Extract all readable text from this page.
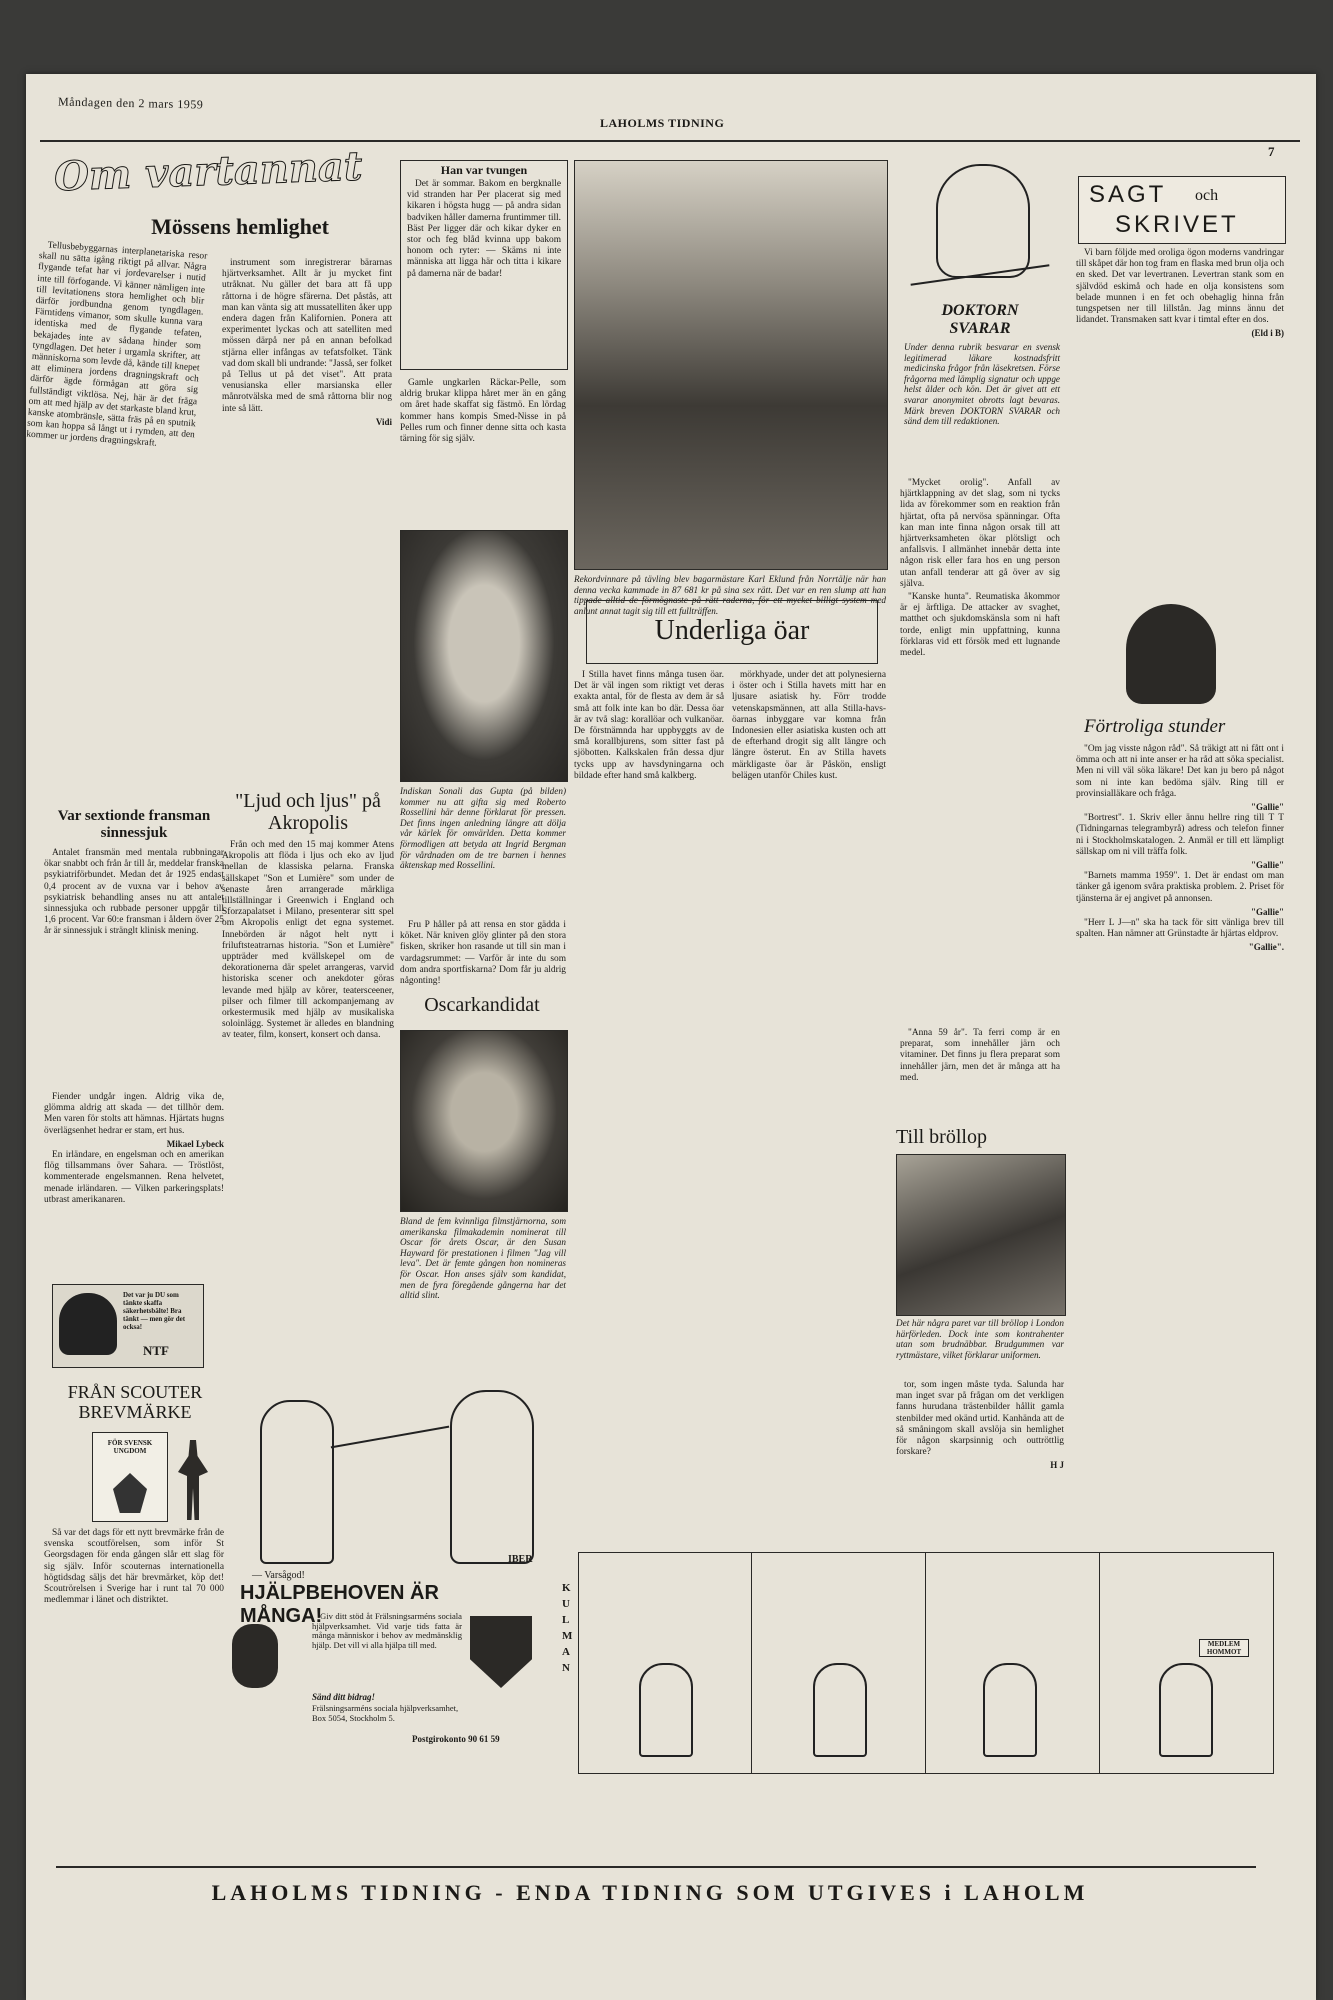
Måndagen den 2 mars 1959
LAHOLMS TIDNING
7
Om vartannat
Mössens hemlighet

Tellusbebyggarnas interplanetariska resor skall nu sätta igång riktigt på allvar. Några flygande tefat har vi jordevarelser i nutid inte till förfogande. Vi känner nämligen inte till levitationens stora hemlighet och blir därför jordbundna genom tyngdlagen. Färntidens vimanor, som skulle kunna vara identiska med de flygande tefaten, bekajades inte av sådana hinder som tyngdlagen. Det heter i urgamla skrifter, att människorna som levde då, kände till knepet att eliminera jordens dragningskraft och därför ägde förmågan att göra sig fullständigt viktlösa. Nej, här är det fråga om att med hjälp av det starkaste bland krut, kanske atombränsle, sätta fräs på en sputnik som kan hoppa så långt ut i rymden, att den kommer ur jordens dragningskraft.

instrument som inregistrerar bärarnas hjärtverksamhet. Allt är ju mycket fint utråknat. Nu gäller det bara att få upp råttorna i de högre sfärerna. Det påstås, att man kan vänta sig att mussatelliten åker upp endera dagen från Kalifornien. Ponera att experimentet lyckas och att satelliten med mössen därpå ner på en annan befolkad stjärna eller infångas av tefatsfolket. Tänk vad dom skall bli undrande: "Jasså, ser folket på Tellus ut på det viset". Att prata venusianska eller marsianska eller månrotvälska med de små råttorna blir nog inte så lätt.

Vidi
Var sextionde fransman sinnessjuk

Antalet fransmän med mentala rubbningar ökar snabbt och från år till år, meddelar franska psykiatriförbundet. Medan det år 1925 endast 0,4 procent av de vuxna var i behov av psykiatrisk behandling anses nu att antalet sinnessjuka och rubbade personer uppgår till 1,6 procent. Var 60:e fransman i åldern över 25 år är sinnessjuk i stränglt klinisk mening.

Fiender undgår ingen. Aldrig vika de, glömma aldrig att skada — det tillhör dem. Men varen för stolts att hämnas. Hjärtats hugns överlägsenhet hedrar er stam, ert hus.

Mikael Lybeck

En irländare, en engelsman och en amerikan flög tillsammans över Sahara. — Tröstlöst, kommenterade engelsmannen. Rena helvetet, menade irländaren. — Vilken parkeringsplats! utbrast amerikanaren.

Det var ju DU som tänkte skaffa säkerhetsbälte! Bra tänkt — men gör det ocksa!
NTF
FRÅN SCOUTER BREVMÄRKE
FÖR SVENSK UNGDOM

Så var det dags för ett nytt brevmärke från de svenska scoutförelsen, som inför St Georgsdagen för enda gången slår ett slag för sig själv. Inför scouternas internationella högtidsdag säljs det här brevmärket, köp det! Scoutrörelsen i Sverige har i runt tal 70 000 medlemmar i länet och distriktet.

Han var tvungen

Det är sommar. Bakom en bergknalle vid stranden har Per placerat sig med kikaren i högsta hugg — på andra sidan badviken håller damerna fruntimmer till. Bäst Per ligger där och kikar dyker en stor och feg blåd kvinna upp bakom honom och ryter: — Skäms ni inte människa att ligga här och titta i kikare på damerna när de badar!

Gamle ungkarlen Räckar-Pelle, som aldrig brukar klippa håret mer än en gång om året hade skaffat sig fästmö. En lördag kommer hans kompis Smed-Nisse in på Pelles rum och finner denne sitta och kasta tärning för sig själv.

Indiskan Sonali das Gupta (på bilden) kommer nu att gifta sig med Roberto Rossellini här denne förklarat för pressen. Det finns ingen anledning längre att dölja vår kärlek för omvärlden. Detta kommer förmodligen att betyda att Ingrid Bergman för vårdnaden om de tre barnen i hennes äktenskap med Rossellini.
Oscarkandidat
Bland de fem kvinnliga filmstjärnorna, som amerikanska filmakademin nominerat till Oscar för årets Oscar, är den Susan Hayward för prestationen i filmen "Jag vill leva". Det är femte gången hon nomineras för Oscar. Hon anses själv som kandidat, men de fyra föregående gångerna har det alltid slint.
"Ljud och ljus" på Akropolis

Från och med den 15 maj kommer Atens Akropolis att flöda i ljus och eko av ljud mellan de klassiska pelarna. Franska sällskapet "Son et Lumière" som under de senaste åren arrangerade märkliga tillställningar i Greenwich i England och Sforzapalatset i Milano, presenterar sitt spel om Akropolis enligt det egna systemet. Innebörden är något helt nytt i friluftsteatrarnas historia. "Son et Lumière" uppträder med kvällskepel om de dekorationerna där spelet arrangeras, varvid historiska scener och anekdoter göras levande med hjälp av körer, teatersceener, pilser och filmer till ackompanjemang av orkestermusik med hjälp av musikaliska soloinlägg. Systemet är alledes en blandning av teater, film, konsert, konsert och dansa.

Fru P håller på att rensa en stor gädda i köket. När kniven glöy glinter på den stora fisken, skriker hon rasande ut till sin man i vardagsrummet: — Varför är inte du som dom andra sportfiskarna? Dom får ju aldrig någonting!

Rekordvinnare på tävling blev bagarmästare Karl Eklund från Norrtälje när han denna vecka kammade in 87 681 kr på sina sex rätt. Det var en ren slump att han tippade alltid de förmögnaste på rätt raderna, för ett mycket billigt system med anlunt annat tagit sig till ett fullträffen.
Underliga öar

I Stilla havet finns många tusen öar. Det är väl ingen som riktigt vet deras exakta antal, för de flesta av dem är så små att folk inte kan bo där. Dessa öar är av två slag: korallöar och vulkanöar. De förstnämnda har uppbyggts av de små korallbjurens, som sitter fast på sjöbotten. Kalkskalen från dessa djur tycks upp av havsdyningarna och bildade efter hand små kalkberg.

mörkhyade, under det att polynesierna i öster och i Stilla havets mitt har en ljusare asiatisk hy. Förr trodde vetenskapsmännen, att alla Stilla-havs-öarnas inbyggare var komna från Indonesien eller asiatiska kusten och att de efterhand drogit sig allt längre och längre österut. En av Stilla havets märkligaste öar är Påskön, ensligt belägen utanför Chiles kust.

DOKTORN SVARAR
Under denna rubrik besvarar en svensk legitimerad läkare kostnadsfritt medicinska frågor från läsekretsen. Förse frågorna med lämplig signatur och uppge helst ålder och kön. Det är givet att ett svarar anonymitet obrotts lagt bevaras. Märk breven DOKTORN SVARAR och sänd dem till redaktionen.

"Mycket orolig". Anfall av hjärtklappning av det slag, som ni tycks lida av förekommer som en reaktion från hjärtat, ofta på nervösa spänningar. Ofta kan man inte finna någon orsak till att hjärtverksamheten ökar plötsligt och anfallsvis. I allmänhet innebär detta inte någon risk eller fara hos en ung person utan anfall tenderar att gå över av sig själva.

"Kanske hunta". Reumatiska åkommor är ej ärftliga. De attacker av svaghet, matthet och sjukdomskänsla som ni haft torde, enligt min uppfattning, kunna förklaras vid ett försök med ett lugnande medel.

"Anna 59 år". Ta ferri comp är en preparat, som innehåller järn och vitaminer. Det finns ju flera preparat som innehåller järn, men det är många att ha med.

Till bröllop
Det här några paret var till bröllop i London härförleden. Dock inte som kontrahenter utan som brudnäbbar. Brudgummen var ryttmästare, vilket förklarar uniformen.

tor, som ingen måste tyda. Salunda har man inget svar på frågan om det verkligen fanns hurudana trästenbilder hållit gamla stenbilder med okänd urtid. Kanhända att de så småningom skall avslöja sin hemlighet för någon skarpsinnig och outtröttlig forskare?

H J
SAGT och
SKRIVET

Vi barn följde med oroliga ögon moderns vandringar till skåpet där hon tog fram en flaska med brun olja och en sked. Det var levertranen. Levertran stank som en självdöd eskimå och hade en olja konsistens som belade munnen i en fet och obehaglig hinna från tungspetsen ner till lillstån. Jag minns ännu det lidandet. Transmaken satt kvar i timtal efter en dos.

(Eld i B)
Förtroliga stunder

"Om jag visste någon råd". Så träkigt att ni fått ont i ömma och att ni inte anser er ha råd att söka specialist. Men ni vill väl söka läkare! Det kan ju bero på något som ni inte kan bedöma själv. Ring till er provinsialläkare och fråga.

"Gallie"

"Bortrest". 1. Skriv eller ännu hellre ring till T T (Tidningarnas telegrambyrå) adress och telefon finner ni i Stockholmskatalogen. 2. Anmäl er till ett lämpligt sällskap om ni vill träffa folk.

"Gallie"

"Barnets mamma 1959". 1. Det är endast om man tänker gå igenom svåra praktiska problem. 2. Priset för tjänsterna är ej angivet på annonsen.

"Gallie"

"Herr L J—n" ska ha tack för sitt vänliga brev till spalten. Han nämner att Grünstadte är hjärtas eldprov.

"Gallie".
— Varsågod!
IBER
HJÄLPBEHOVEN ÄR MÅNGA!

Giv ditt stöd åt Frälsningsarméns sociala hjälpverksamhet. Vid varje tids fatta är många människor i behov av medmänsklig hjälp. Det vill vi alla hjälpa till med.

Sänd ditt bidrag!
Frälsningsarméns sociala hjälpverksamhet, Box 5054, Stockholm 5.
Postgirokonto 90 61 59
KULMAN
MEDLEM HOMMOT
LAHOLMS TIDNING - ENDA TIDNING SOM UTGIVES i LAHOLM
